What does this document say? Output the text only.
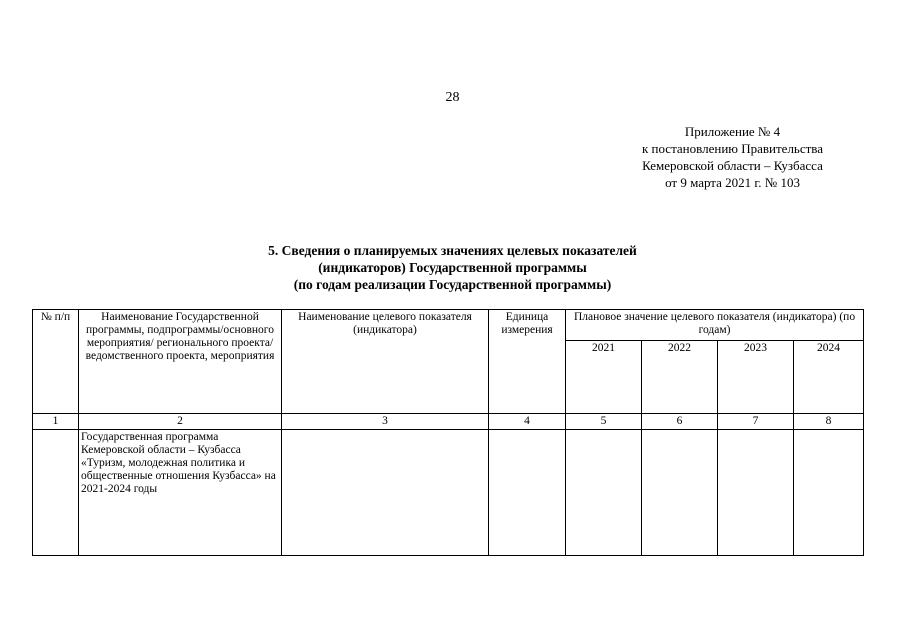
28
Приложение № 4
к постановлению Правительства
Кемеровской области – Кузбасса
от 9 марта 2021 г. № 103
5. Сведения о планируемых значениях целевых показателей
(индикаторов) Государственной программы
(по годам реализации Государственной программы)
№ п/п	Наименование Государственной программы, подпрограммы/основного мероприятия/ регионального проекта/ведомственного проекта, мероприятия	Наименование целевого показателя (индикатора)	Единица измерения	Плановое значение целевого показателя (индикатора) (по годам)			
				2021	2022	2023	2024
1	2	3	4	5	6	7	8
	Государственная программа Кемеровской области – Кузбасса «Туризм, молодежная политика и общественные отношения Кузбасса» на 2021-2024 годы						
